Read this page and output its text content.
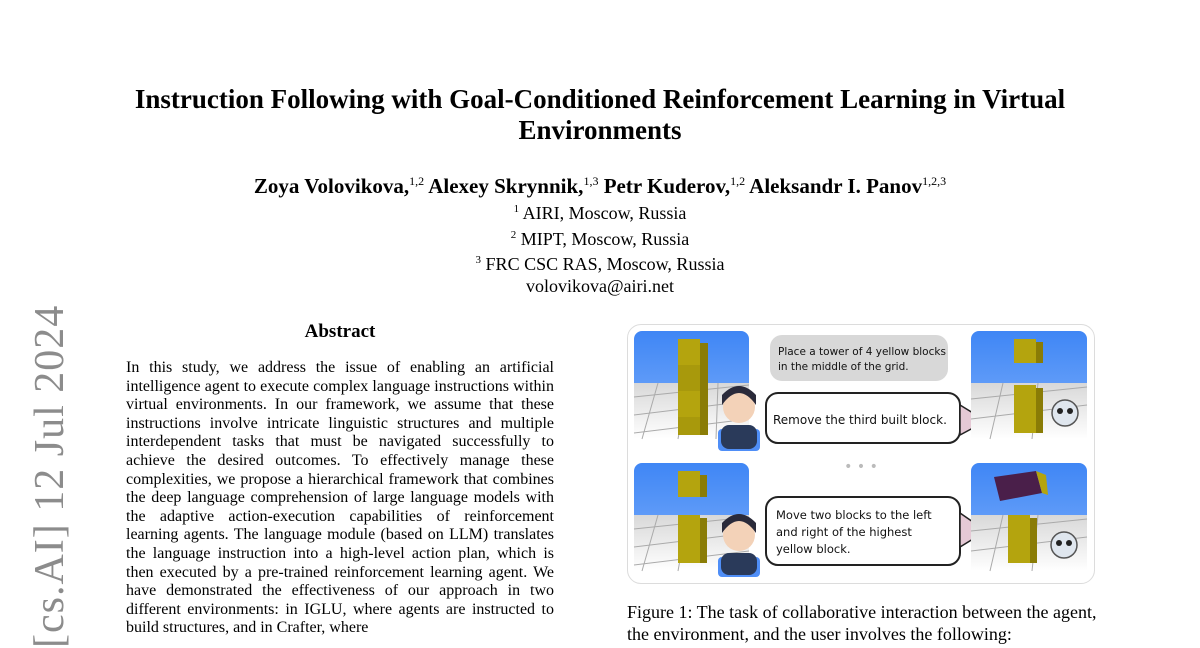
Instruction Following with Goal-Conditioned Reinforcement Learning in Virtual Environments
Zoya Volovikova,$^{1,2}$ Alexey Skrynnik,$^{1,3}$ Petr Kuderov,$^{1,2}$ Aleksandr I. Panov$^{1,2,3}$
$^1$ AIRI, Moscow, Russia
$^2$ MIPT, Moscow, Russia
$^3$ FRC CSC RAS, Moscow, Russia
volovikova@airi.net
[cs.AI] 12 Jul 2024	Abstract

In this study, we address the issue of enabling an artificial intelligence agent to execute complex language instructions within virtual environments. In our framework, we assume that these instructions involve intricate linguistic structures and multiple interdependent tasks that must be navigated successfully to achieve the desired outcomes. To effectively manage these complexities, we propose a hierarchical framework that combines the deep language comprehension of large language models with the adaptive action-execution capabilities of reinforcement learning agents. The language module (based on LLM) translates the language instruction into a high-level action plan, which is then executed by a pre-trained reinforcement learning agent. We have demonstrated the effectiveness of our approach in two different environments: in IGLU, where agents are instructed to build structures, and in Crafter, where

Place a tower of 4 yellow blocks
in the middle of the grid.
Remove the third built block.
• • •
Move two blocks to the left
and right of the highest
yellow block.

Figure 1: The task of collaborative interaction between the agent, the environment, and the user involves the following:
